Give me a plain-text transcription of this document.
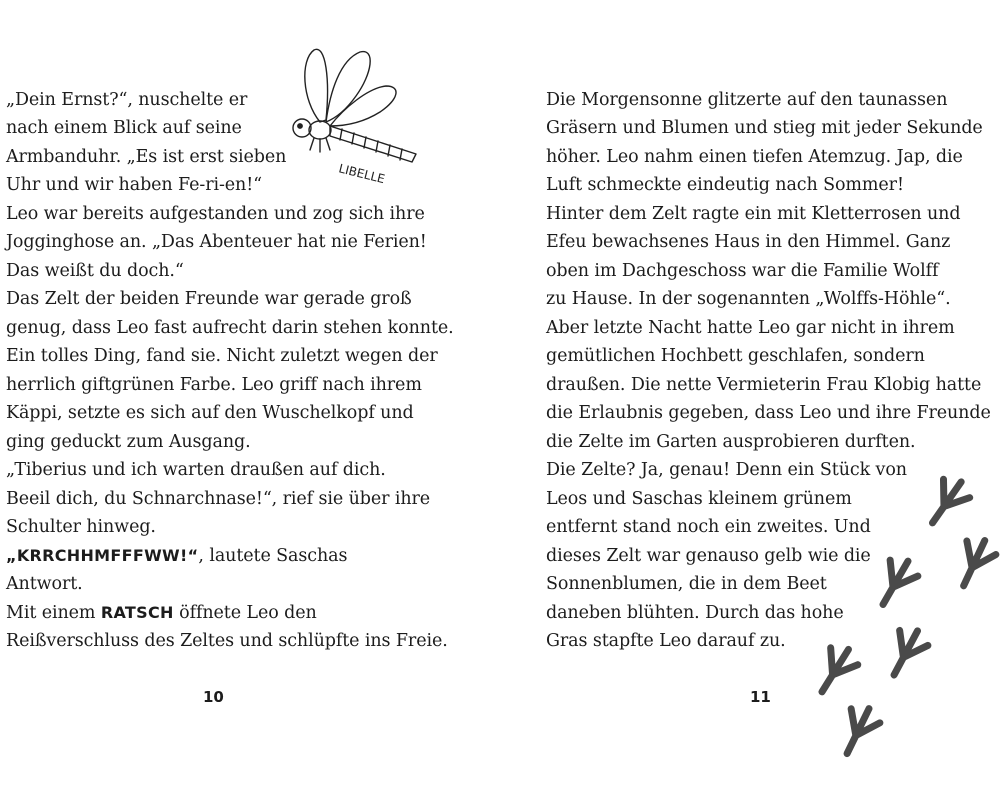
„Dein Ernst?“, nuschelte er
nach einem Blick auf seine
Armbanduhr. „Es ist erst sieben
Uhr und wir haben Fe-ri-en!“
Leo war bereits aufgestanden und zog sich ihre
Jogginghose an. „Das Abenteuer hat nie Ferien!
Das weißt du doch.“
Das Zelt der beiden Freunde war gerade groß
genug, dass Leo fast aufrecht darin stehen konnte.
Ein tolles Ding, fand sie. Nicht zuletzt wegen der
herrlich giftgrünen Farbe. Leo griff nach ihrem
Käppi, setzte es sich auf den Wuschelkopf und
ging geduckt zum Ausgang.
„Tiberius und ich warten draußen auf dich.
Beeil dich, du Schnarchnase!“, rief sie über ihre
Schulter hinweg.
„KRRCHHMFFFWW!“, lautete Saschas
Antwort.
Mit einem RATSCH öffnete Leo den
Reißverschluss des Zeltes und schlüpfte ins Freie.
LIBELLE
10
Die Morgensonne glitzerte auf den taunassen
Gräsern und Blumen und stieg mit jeder Sekunde
höher. Leo nahm einen tiefen Atemzug. Jap, die
Luft schmeckte eindeutig nach Sommer!
Hinter dem Zelt ragte ein mit Kletterrosen und
Efeu bewachsenes Haus in den Himmel. Ganz
oben im Dachgeschoss war die Familie Wolff
zu Hause. In der sogenannten „Wolffs-Höhle“.
Aber letzte Nacht hatte Leo gar nicht in ihrem
gemütlichen Hochbett geschlafen, sondern
draußen. Die nette Vermieterin Frau Klobig hatte
die Erlaubnis gegeben, dass Leo und ihre Freunde
die Zelte im Garten ausprobieren durften.
Die Zelte? Ja, genau! Denn ein Stück von
Leos und Saschas kleinem grünem
entfernt stand noch ein zweites. Und
dieses Zelt war genauso gelb wie die
Sonnenblumen, die in dem Beet
daneben blühten. Durch das hohe
Gras stapfte Leo darauf zu.
11
